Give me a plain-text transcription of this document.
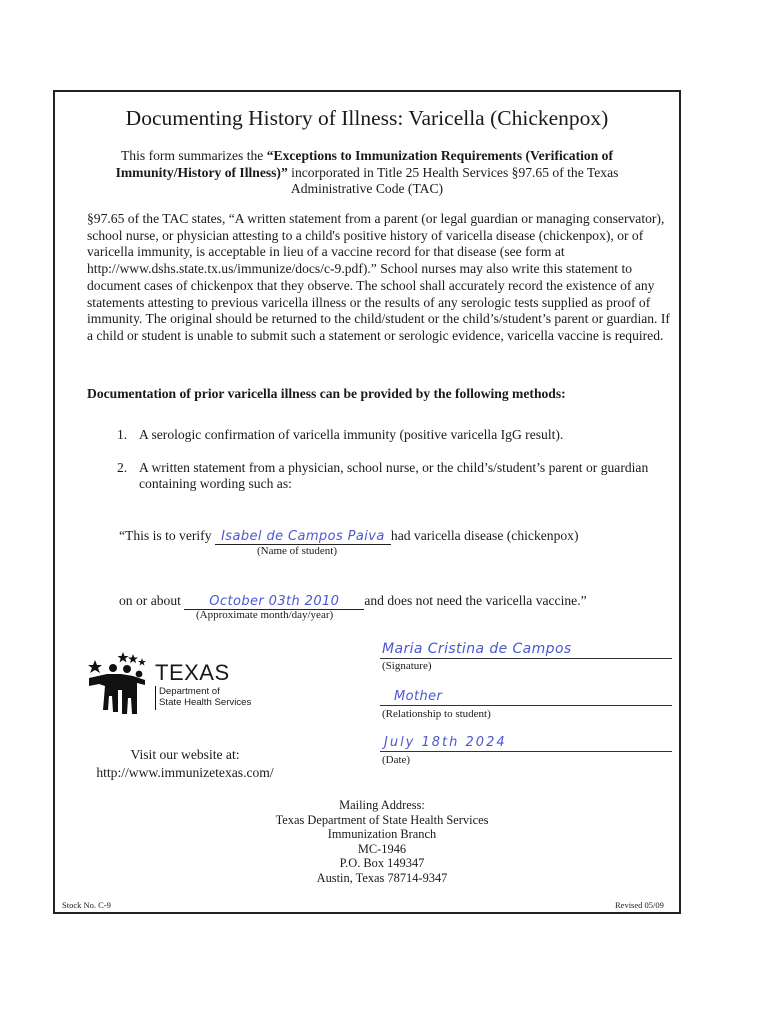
Documenting History of Illness: Varicella (Chickenpox)
This form summarizes the “Exceptions to Immunization Requirements (Verification of Immunity/History of Illness)” incorporated in Title 25 Health Services §97.65 of the Texas Administrative Code (TAC)
§97.65 of the TAC states, “A written statement from a parent (or legal guardian or managing conservator), school nurse, or physician attesting to a child's positive history of varicella disease (chickenpox), or of varicella immunity, is acceptable in lieu of a vaccine record for that disease (see form at http://www.dshs.state.tx.us/immunize/docs/c-9.pdf).” School nurses may also write this statement to document cases of chickenpox that they observe. The school shall accurately record the existence of any statements attesting to previous varicella illness or the results of any serologic tests supplied as proof of immunity. The original should be returned to the child/student or the child’s/student’s parent or guardian. If a child or student is unable to submit such a statement or serologic evidence, varicella vaccine is required.
Documentation of prior varicella illness can be provided by the following methods:
1. A serologic confirmation of varicella immunity (positive varicella IgG result).
2. A written statement from a physician, school nurse, or the child’s/student’s parent or guardian containing wording such as:
“This is to verify Isabel de Campos Paiva had varicella disease (chickenpox)
(Name of student)
on or about October 03th 2010 and does not need the varicella vaccine.”
(Approximate month/day/year)
Maria Cristina de Campos
(Signature)
Mother
(Relationship to student)
July 18th 2024
(Date)
TEXAS
Department of
State Health Services
Visit our website at:
http://www.immunizetexas.com/
Mailing Address:
Texas Department of State Health Services
Immunization Branch
MC-1946
P.O. Box 149347
Austin, Texas 78714-9347
Stock No. C-9	Revised 05/09
